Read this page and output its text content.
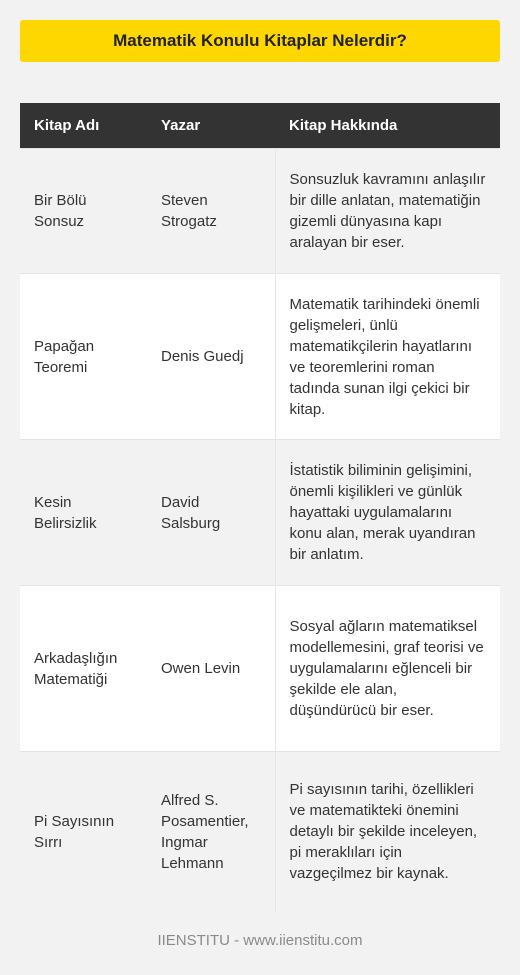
Matematik Konulu Kitaplar Nelerdir?
Kitap Adı	Yazar	Kitap Hakkında
Bir Bölü Sonsuz	Steven Strogatz	Sonsuzluk kavramını anlaşılır bir dille anlatan, matematiğin gizemli dünyasına kapı aralayan bir eser.
Papağan Teoremi	Denis Guedj	Matematik tarihindeki önemli gelişmeleri, ünlü matematikçilerin hayatlarını ve teoremlerini roman tadında sunan ilgi çekici bir kitap.
Kesin Belirsizlik	David Salsburg	İstatistik biliminin gelişimini, önemli kişilikleri ve günlük hayattaki uygulamalarını konu alan, merak uyandıran bir anlatım.
Arkadaşlığın Matematiği	Owen Levin	Sosyal ağların matematiksel modellemesini, graf teorisi ve uygulamalarını eğlenceli bir şekilde ele alan, düşündürücü bir eser.
Pi Sayısının Sırrı	Alfred S. Posamentier, Ingmar Lehmann	Pi sayısının tarihi, özellikleri ve matematikteki önemini detaylı bir şekilde inceleyen, pi meraklıları için vazgeçilmez bir kaynak.
IIENSTITU - www.iienstitu.com
